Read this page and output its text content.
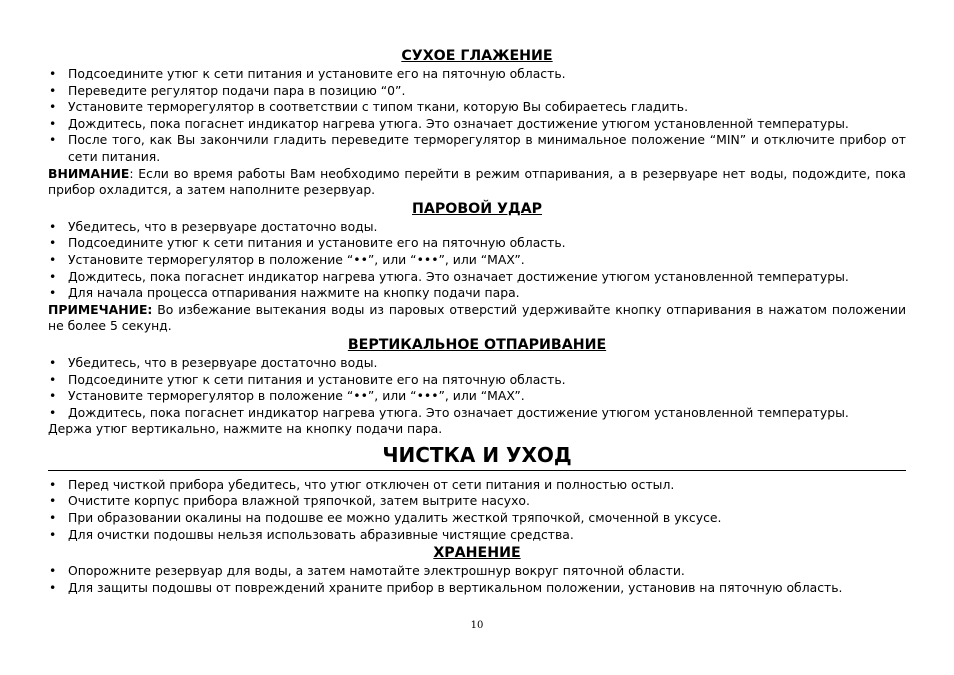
СУХОЕ ГЛАЖЕНИЕ
• Подсоедините утюг к сети питания и установите его на пяточную область.
• Переведите регулятор подачи пара в позицию “0”.
• Установите терморегулятор в соответствии с типом ткани, которую Вы собираетесь гладить.
• Дождитесь, пока погаснет индикатор нагрева утюга. Это означает достижение утюгом установленной температуры.
• После того, как Вы закончили гладить переведите терморегулятор в минимальное положение “MIN” и отключите прибор от сети питания.

ВНИМАНИЕ: Если во время работы Вам необходимо перейти в режим отпаривания, а в резервуаре нет воды, подождите, пока прибор охладится, а затем наполните резервуар.

ПАРОВОЙ УДАР
• Убедитесь, что в резервуаре достаточно воды.
• Подсоедините утюг к сети питания и установите его на пяточную область.
• Установите терморегулятор в положение “••”, или “•••”, или “MAX”.
• Дождитесь, пока погаснет индикатор нагрева утюга. Это означает достижение утюгом установленной температуры.
• Для начала процесса отпаривания нажмите на кнопку подачи пара.

ПРИМЕЧАНИЕ: Во избежание вытекания воды из паровых отверстий удерживайте кнопку отпаривания в нажатом положении не более 5 секунд.

ВЕРТИКАЛЬНОЕ ОТПАРИВАНИЕ
• Убедитесь, что в резервуаре достаточно воды.
• Подсоедините утюг к сети питания и установите его на пяточную область.
• Установите терморегулятор в положение “••”, или “•••”, или “MAX”.
• Дождитесь, пока погаснет индикатор нагрева утюга. Это означает достижение утюгом установленной температуры.

Держа утюг вертикально, нажмите на кнопку подачи пара.

ЧИСТКА И УХОД
• Перед чисткой прибора убедитесь, что утюг отключен от сети питания и полностью остыл.
• Очистите корпус прибора влажной тряпочкой, затем вытрите насухо.
• При образовании окалины на подошве ее можно удалить жесткой тряпочкой, смоченной в уксусе.
• Для очистки подошвы нельзя использовать абразивные чистящие средства.
ХРАНЕНИЕ
• Опорожните резервуар для воды, а затем намотайте электрошнур вокруг пяточной области.
• Для защиты подошвы от повреждений храните прибор в вертикальном положении, установив на пяточную область.
10
